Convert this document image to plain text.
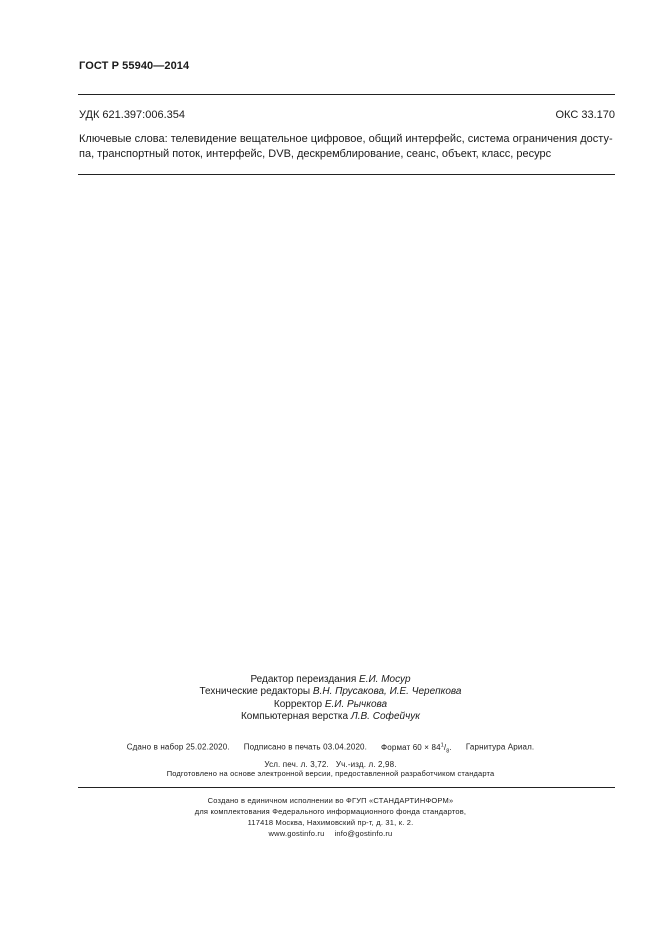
ГОСТ Р 55940—2014
УДК 621.397:006.354	ОКС 33.170
Ключевые слова: телевидение вещательное цифровое, общий интерфейс, система ограничения досту-па, транспортный поток, интерфейс, DVB, дескремблирование, сеанс, объект, класс, ресурс
Редактор переиздания Е.И. Мосур
Технические редакторы В.Н. Прусакова, И.Е. Черепкова
Корректор Е.И. Рычкова
Компьютерная верстка Л.В. Софейчук
Сдано в набор 25.02.2020. Подписано в печать 03.04.2020. Формат $60 \times 84^1/_8$. Гарнитура Ариал.
Усл. печ. л. 3,72. Уч.-изд. л. 2,98.
Подготовлено на основе электронной версии, предоставленной разработчиком стандарта
Создано в единичном исполнении во ФГУП «СТАНДАРТИНФОРМ»
для комплектования Федерального информационного фонда стандартов,
117418 Москва, Нахимовский пр-т, д. 31, к. 2.
www.gostinfo.ru info@gostinfo.ru
